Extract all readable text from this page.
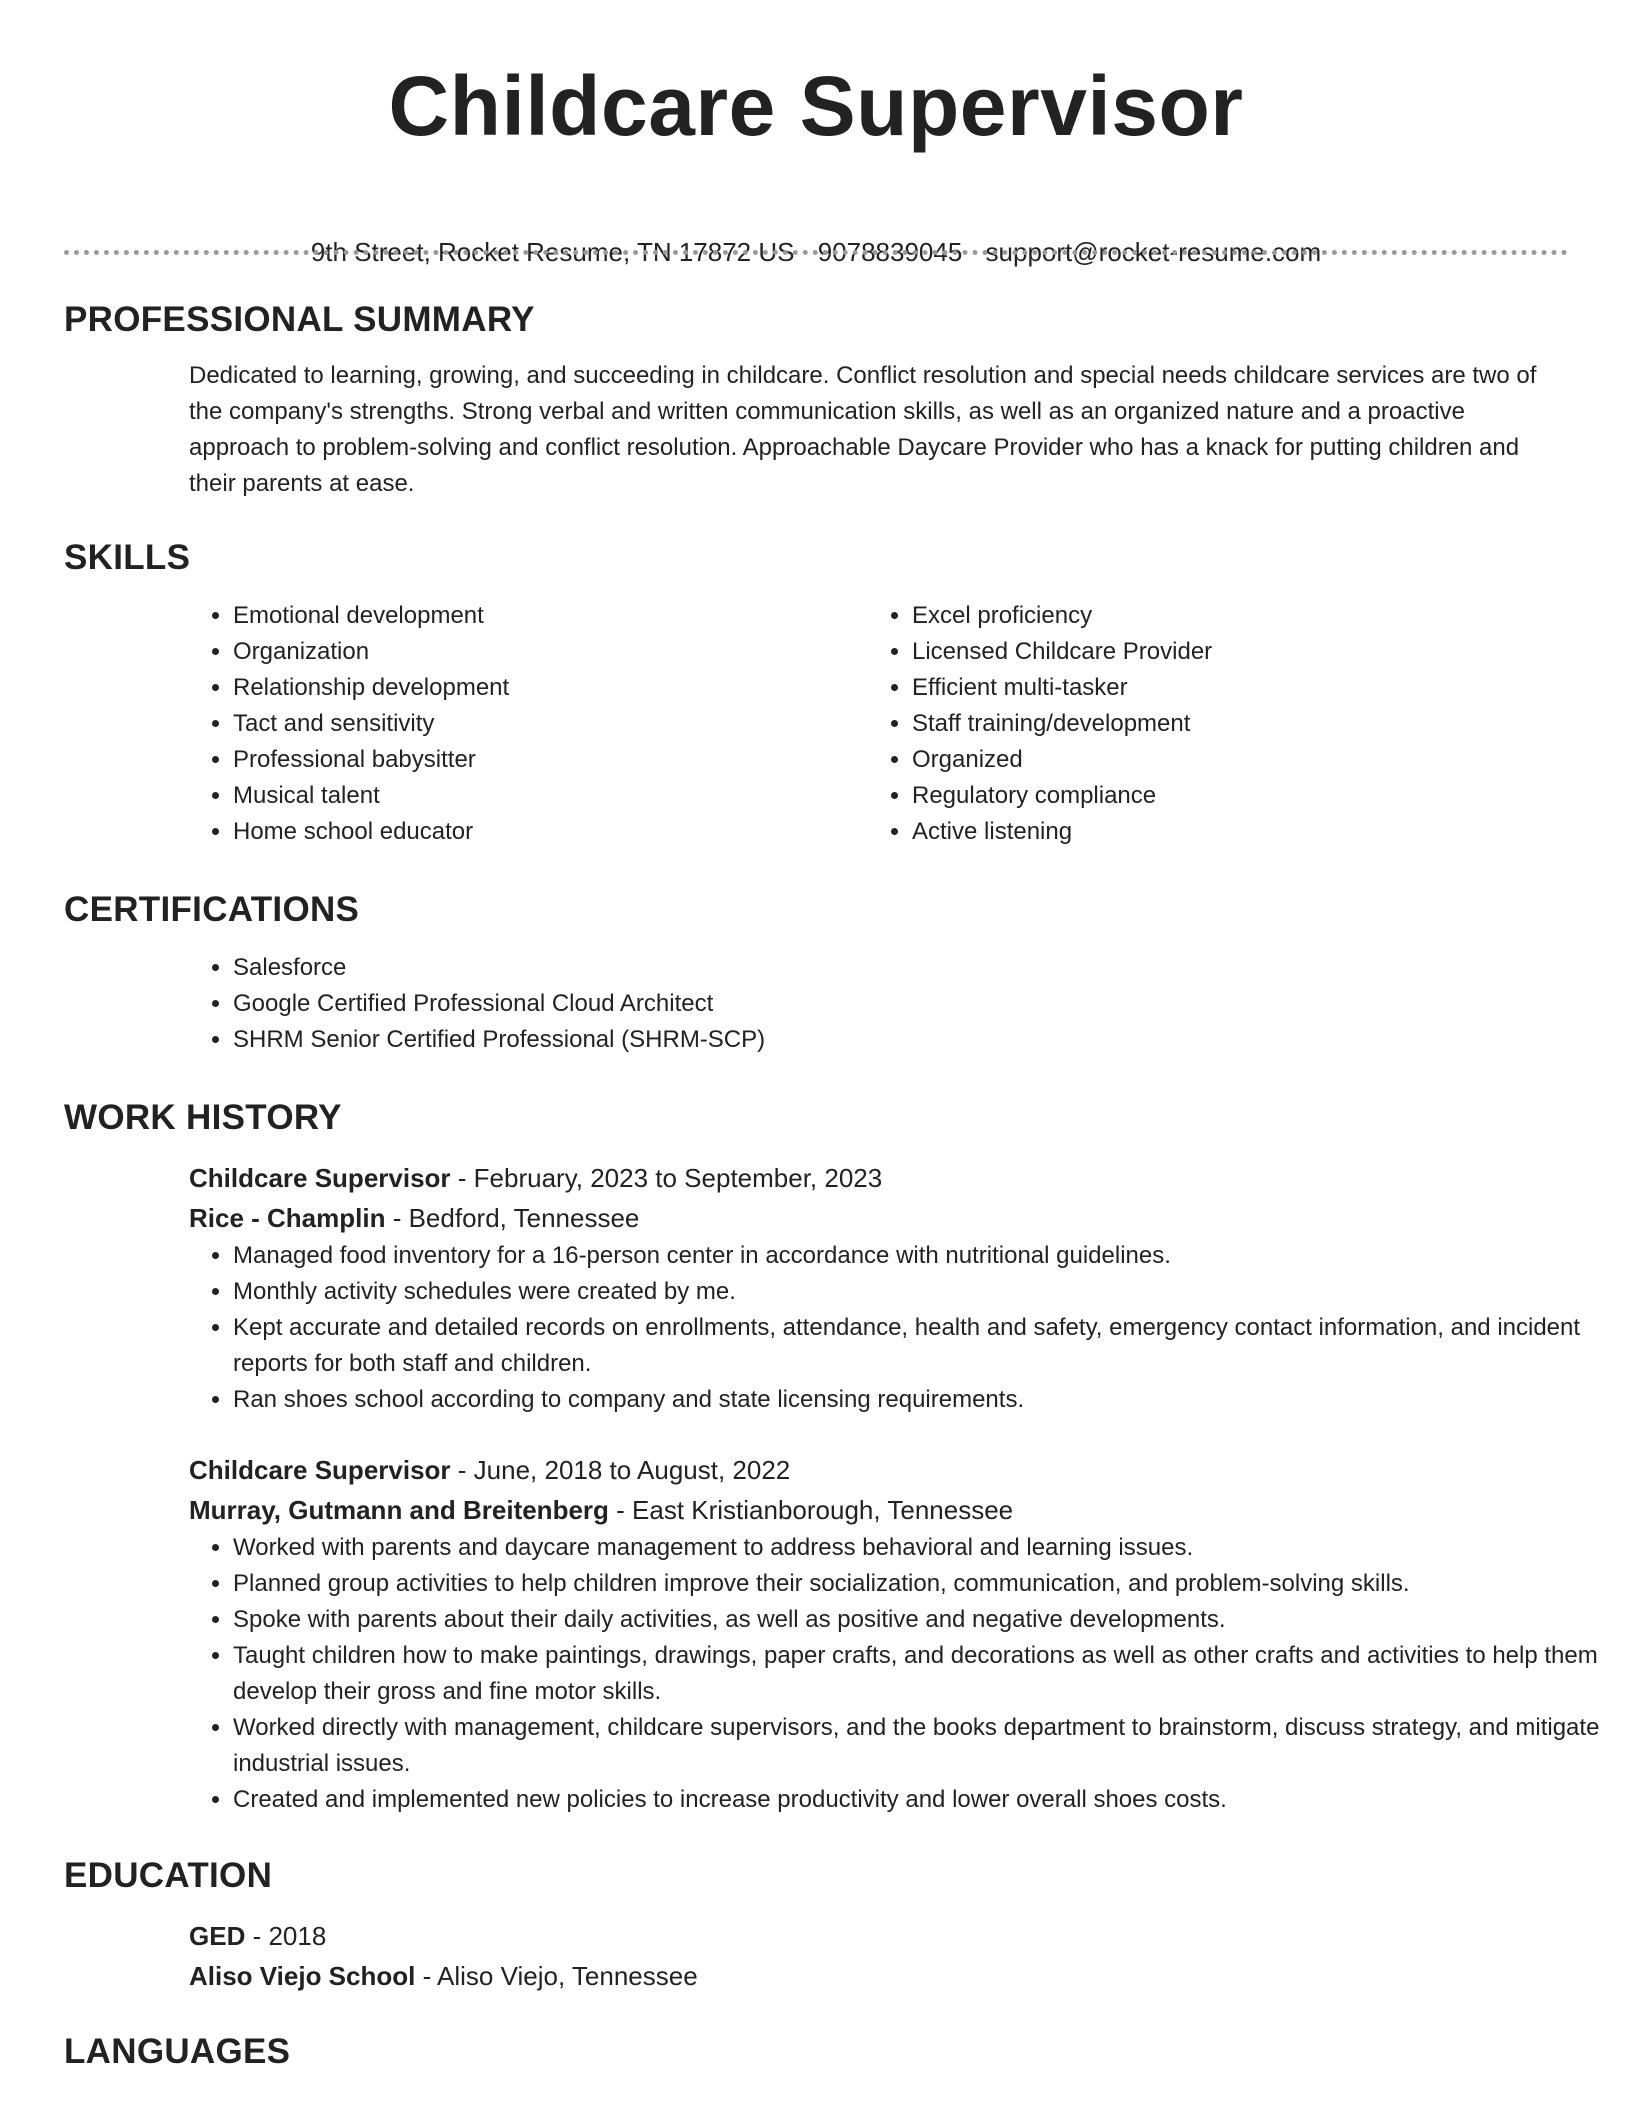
Childcare Supervisor
9th Street, Rocket Resume, TN 17872 US 9078839045 support@rocket-resume.com
PROFESSIONAL SUMMARY
Dedicated to learning, growing, and succeeding in childcare. Conflict resolution and special needs childcare services are two of the company's strengths. Strong verbal and written communication skills, as well as an organized nature and a proactive approach to problem-solving and conflict resolution. Approachable Daycare Provider who has a knack for putting children and their parents at ease.
SKILLS
• Emotional development
• Organization
• Relationship development
• Tact and sensitivity
• Professional babysitter
• Musical talent
• Home school educator
• Excel proficiency
• Licensed Childcare Provider
• Efficient multi-tasker
• Staff training/development
• Organized
• Regulatory compliance
• Active listening
CERTIFICATIONS
• Salesforce
• Google Certified Professional Cloud Architect
• SHRM Senior Certified Professional (SHRM-SCP)
WORK HISTORY
Childcare Supervisor - February, 2023 to September, 2023
Rice - Champlin - Bedford, Tennessee
• Managed food inventory for a 16-person center in accordance with nutritional guidelines.
• Monthly activity schedules were created by me.
• Kept accurate and detailed records on enrollments, attendance, health and safety, emergency contact information, and incident reports for both staff and children.
• Ran shoes school according to company and state licensing requirements.
Childcare Supervisor - June, 2018 to August, 2022
Murray, Gutmann and Breitenberg - East Kristianborough, Tennessee
• Worked with parents and daycare management to address behavioral and learning issues.
• Planned group activities to help children improve their socialization, communication, and problem-solving skills.
• Spoke with parents about their daily activities, as well as positive and negative developments.
• Taught children how to make paintings, drawings, paper crafts, and decorations as well as other crafts and activities to help them develop their gross and fine motor skills.
• Worked directly with management, childcare supervisors, and the books department to brainstorm, discuss strategy, and mitigate industrial issues.
• Created and implemented new policies to increase productivity and lower overall shoes costs.
EDUCATION
GED - 2018
Aliso Viejo School - Aliso Viejo, Tennessee
LANGUAGES
